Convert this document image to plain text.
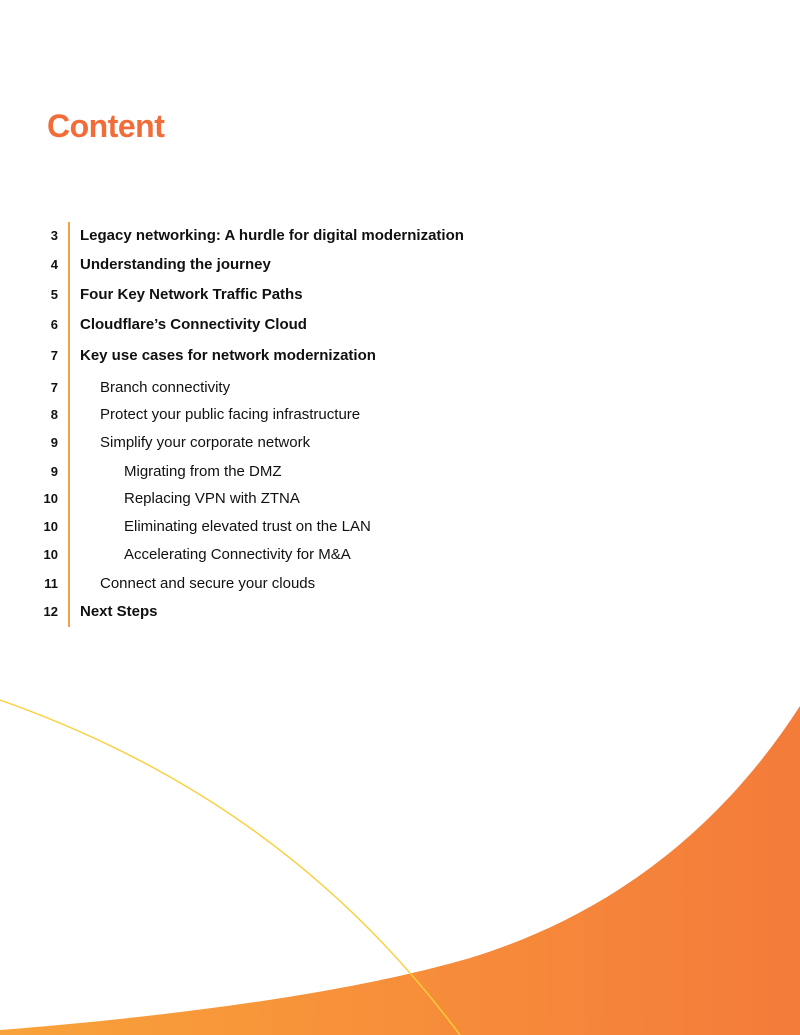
Content
3 Legacy networking: A hurdle for digital modernization
4 Understanding the journey
5 Four Key Network Traffic Paths
6 Cloudflare’s Connectivity Cloud
7 Key use cases for network modernization
7	Branch connectivity
8	Protect your public facing infrastructure
9	Simplify your corporate network
9	Migrating from the DMZ
10	Replacing VPN with ZTNA
10	Eliminating elevated trust on the LAN
10	Accelerating Connectivity for M&A
11	Connect and secure your clouds
12 Next Steps
